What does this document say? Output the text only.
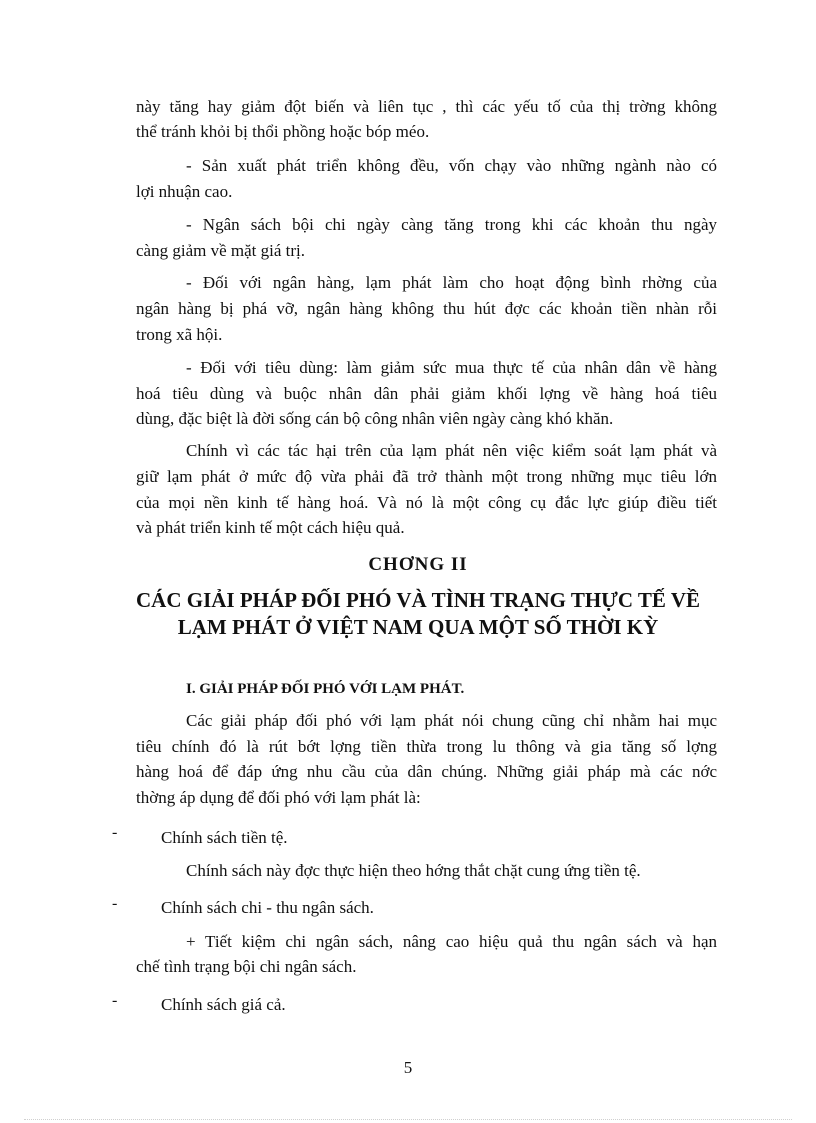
này tăng hay giảm đột biến và liên tục , thì các yếu tố của thị trờng không
thể tránh khỏi bị thổi phồng hoặc bóp méo.
- Sản xuất phát triển không đều, vốn chạy vào những ngành nào có
lợi nhuận cao.
- Ngân sách bội chi ngày càng tăng trong khi các khoản thu ngày
càng giảm về mặt giá trị.
- Đối với ngân hàng, lạm phát làm cho hoạt động bình rhờng của
ngân hàng bị phá vỡ, ngân hàng không thu hút đợc các khoản tiền nhàn rỗi
trong xã hội.
- Đối với tiêu dùng: làm giảm sức mua thực tế của nhân dân về hàng
hoá tiêu dùng và buộc nhân dân phải giảm khối lợng về hàng hoá tiêu
dùng, đặc biệt là đời sống cán bộ công nhân viên ngày càng khó khăn.
Chính vì các tác hại trên của lạm phát nên việc kiểm soát lạm phát và
giữ lạm phát ở mức độ vừa phải đã trở thành một trong những mục tiêu lớn
của mọi nền kinh tế hàng hoá. Và nó là một công cụ đắc lực giúp điều tiết
và phát triển kinh tế một cách hiệu quả.
CHƠNG II
CÁC GIẢI PHÁP ĐỐI PHÓ VÀ TÌNH TRẠNG THỰC TẾ VỀ
LẠM PHÁT Ở VIỆT NAM QUA MỘT SỐ THỜI KỲ
I. GIẢI PHÁP ĐỐI PHÓ VỚI LẠM PHÁT.
Các giải pháp đối phó với lạm phát nói chung cũng chỉ nhằm hai mục
tiêu chính đó là rút bớt lợng tiền thừa trong lu thông và gia tăng số lợng
hàng hoá để đáp ứng nhu cầu của dân chúng. Những giải pháp mà các nớc
thờng áp dụng để đối phó với lạm phát là:
-	Chính sách tiền tệ.
Chính sách này đợc thực hiện theo hớng thắt chặt cung ứng tiền tệ.
-	Chính sách chi - thu ngân sách.
+ Tiết kiệm chi ngân sách, nâng cao hiệu quả thu ngân sách và hạn
chế tình trạng bội chi ngân sách.
-	Chính sách giá cả.
5
